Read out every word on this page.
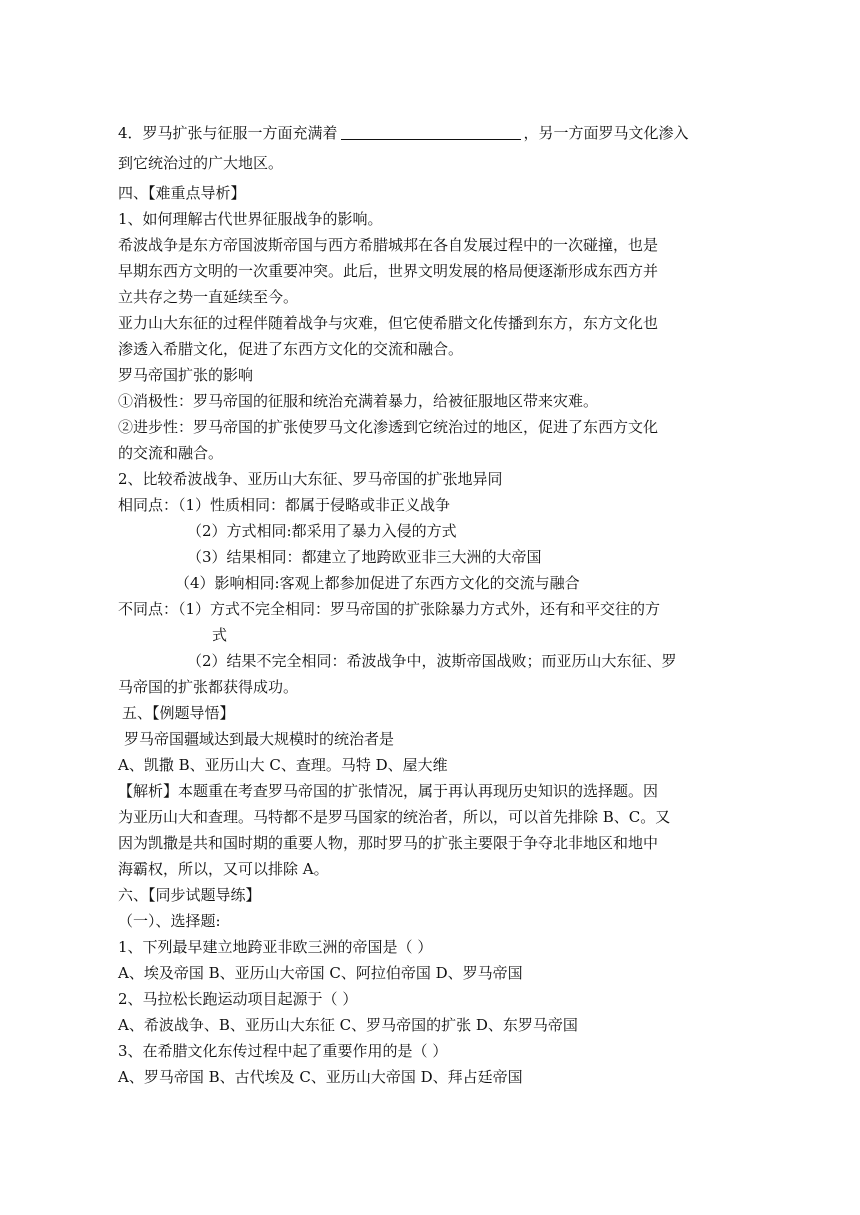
4．罗马扩张与征服一方面充满着	，另一方面罗马文化渗入
到它统治过的广大地区。
四、【难重点导析】
1、如何理解古代世界征服战争的影响。
希波战争是东方帝国波斯帝国与西方希腊城邦在各自发展过程中的一次碰撞，也是
早期东西方文明的一次重要冲突。此后，世界文明发展的格局便逐渐形成东西方并
立共存之势一直延续至今。
亚力山大东征的过程伴随着战争与灾难，但它使希腊文化传播到东方，东方文化也
渗透入希腊文化，促进了东西方文化的交流和融合。
罗马帝国扩张的影响
①消极性：罗马帝国的征服和统治充满着暴力，给被征服地区带来灾难。
②进步性：罗马帝国的扩张使罗马文化渗透到它统治过的地区，促进了东西方文化
的交流和融合。
2、比较希波战争、亚历山大东征、罗马帝国的扩张地异同
相同点：（1）性质相同：都属于侵略或非正义战争
（2）方式相同:都采用了暴力入侵的方式
（3）结果相同：都建立了地跨欧亚非三大洲的大帝国
（4）影响相同:客观上都参加促进了东西方文化的交流与融合
不同点：（1）方式不完全相同：罗马帝国的扩张除暴力方式外，还有和平交往的方
式
（2）结果不完全相同：希波战争中，波斯帝国战败；而亚历山大东征、罗
马帝国的扩张都获得成功。
五、【例题导悟】
罗马帝国疆域达到最大规模时的统治者是
A、凯撒 B、亚历山大 C、查理。马特 D、屋大维
【解析】本题重在考查罗马帝国的扩张情况，属于再认再现历史知识的选择题。因
为亚历山大和查理。马特都不是罗马国家的统治者，所以，可以首先排除 B、C。又
因为凯撒是共和国时期的重要人物，那时罗马的扩张主要限于争夺北非地区和地中
海霸权，所以，又可以排除 A。
六、【同步试题导练】
（一）、选择题:
1、下列最早建立地跨亚非欧三洲的帝国是（ ）
A、埃及帝国 B、亚历山大帝国 C、阿拉伯帝国 D、罗马帝国
2、马拉松长跑运动项目起源于（ ）
A、希波战争、B、亚历山大东征 C、罗马帝国的扩张 D、东罗马帝国
3、在希腊文化东传过程中起了重要作用的是（ ）
A、罗马帝国 B、古代埃及 C、亚历山大帝国 D、拜占廷帝国
